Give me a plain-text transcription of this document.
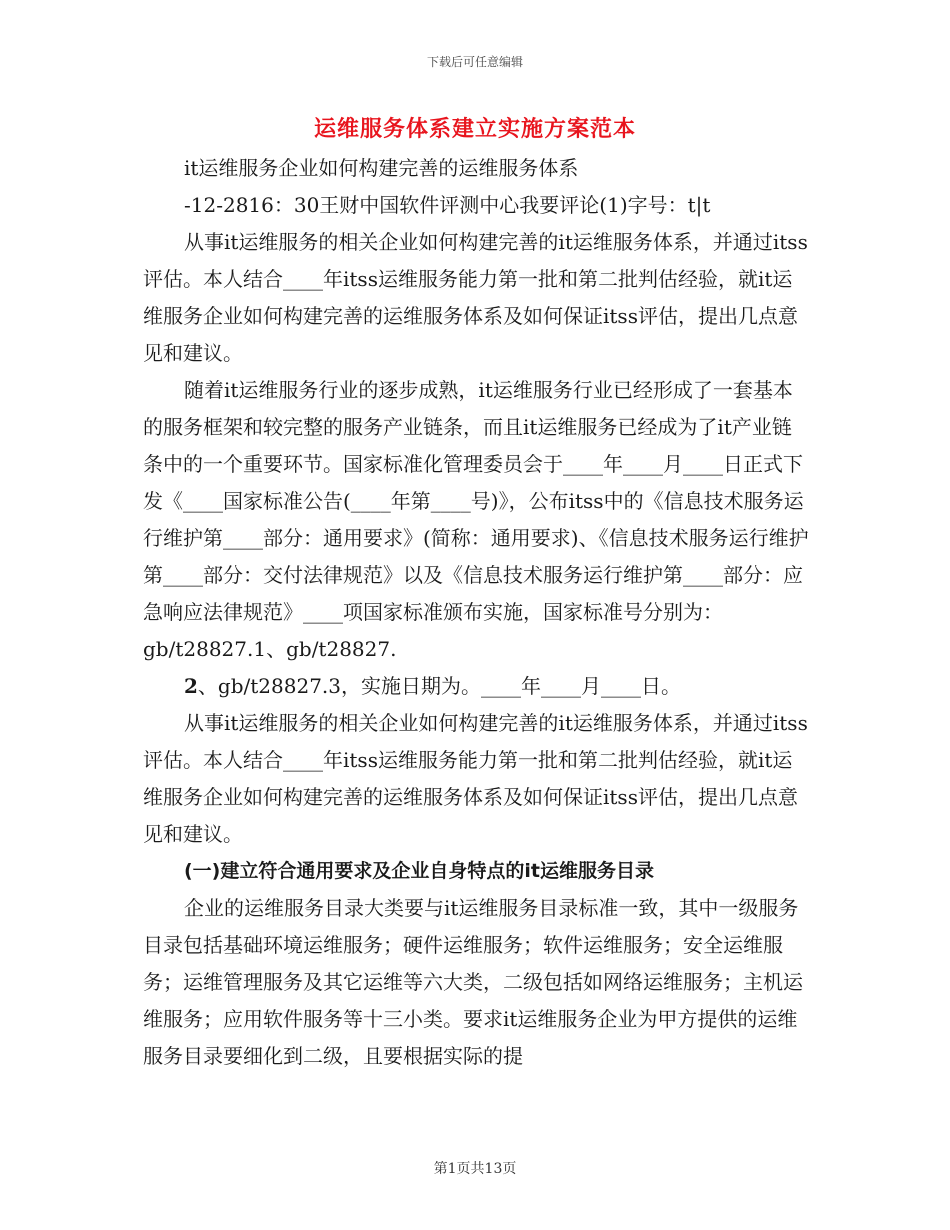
下载后可任意编辑
运维服务体系建立实施方案范本

it运维服务企业如何构建完善的运维服务体系

-12-2816：30王财中国软件评测中心我要评论(1)字号：t|t

从事it运维服务的相关企业如何构建完善的it运维服务体系，并通过itss评估。本人结合____年itss运维服务能力第一批和第二批判估经验，就it运维服务企业如何构建完善的运维服务体系及如何保证itss评估，提出几点意见和建议。

随着it运维服务行业的逐步成熟，it运维服务行业已经形成了一套基本的服务框架和较完整的服务产业链条，而且it运维服务已经成为了it产业链条中的一个重要环节。国家标准化管理委员会于____年____月____日正式下发《____国家标准公告(____年第____号)》，公布itss中的《信息技术服务运行维护第____部分：通用要求》(简称：通用要求)、《信息技术服务运行维护第____部分：交付法律规范》以及《信息技术服务运行维护第____部分：应急响应法律规范》____项国家标准颁布实施，国家标准号分别为：gb/t28827.1、gb/t28827.

2、gb/t28827.3，实施日期为。____年____月____日。

从事it运维服务的相关企业如何构建完善的it运维服务体系，并通过itss评估。本人结合____年itss运维服务能力第一批和第二批判估经验，就it运维服务企业如何构建完善的运维服务体系及如何保证itss评估，提出几点意见和建议。

(一)建立符合通用要求及企业自身特点的it运维服务目录

企业的运维服务目录大类要与it运维服务目录标准一致，其中一级服务目录包括基础环境运维服务；硬件运维服务；软件运维服务；安全运维服务；运维管理服务及其它运维等六大类，二级包括如网络运维服务；主机运维服务；应用软件服务等十三小类。要求it运维服务企业为甲方提供的运维服务目录要细化到二级，且要根据实际的提

第1页共13页
